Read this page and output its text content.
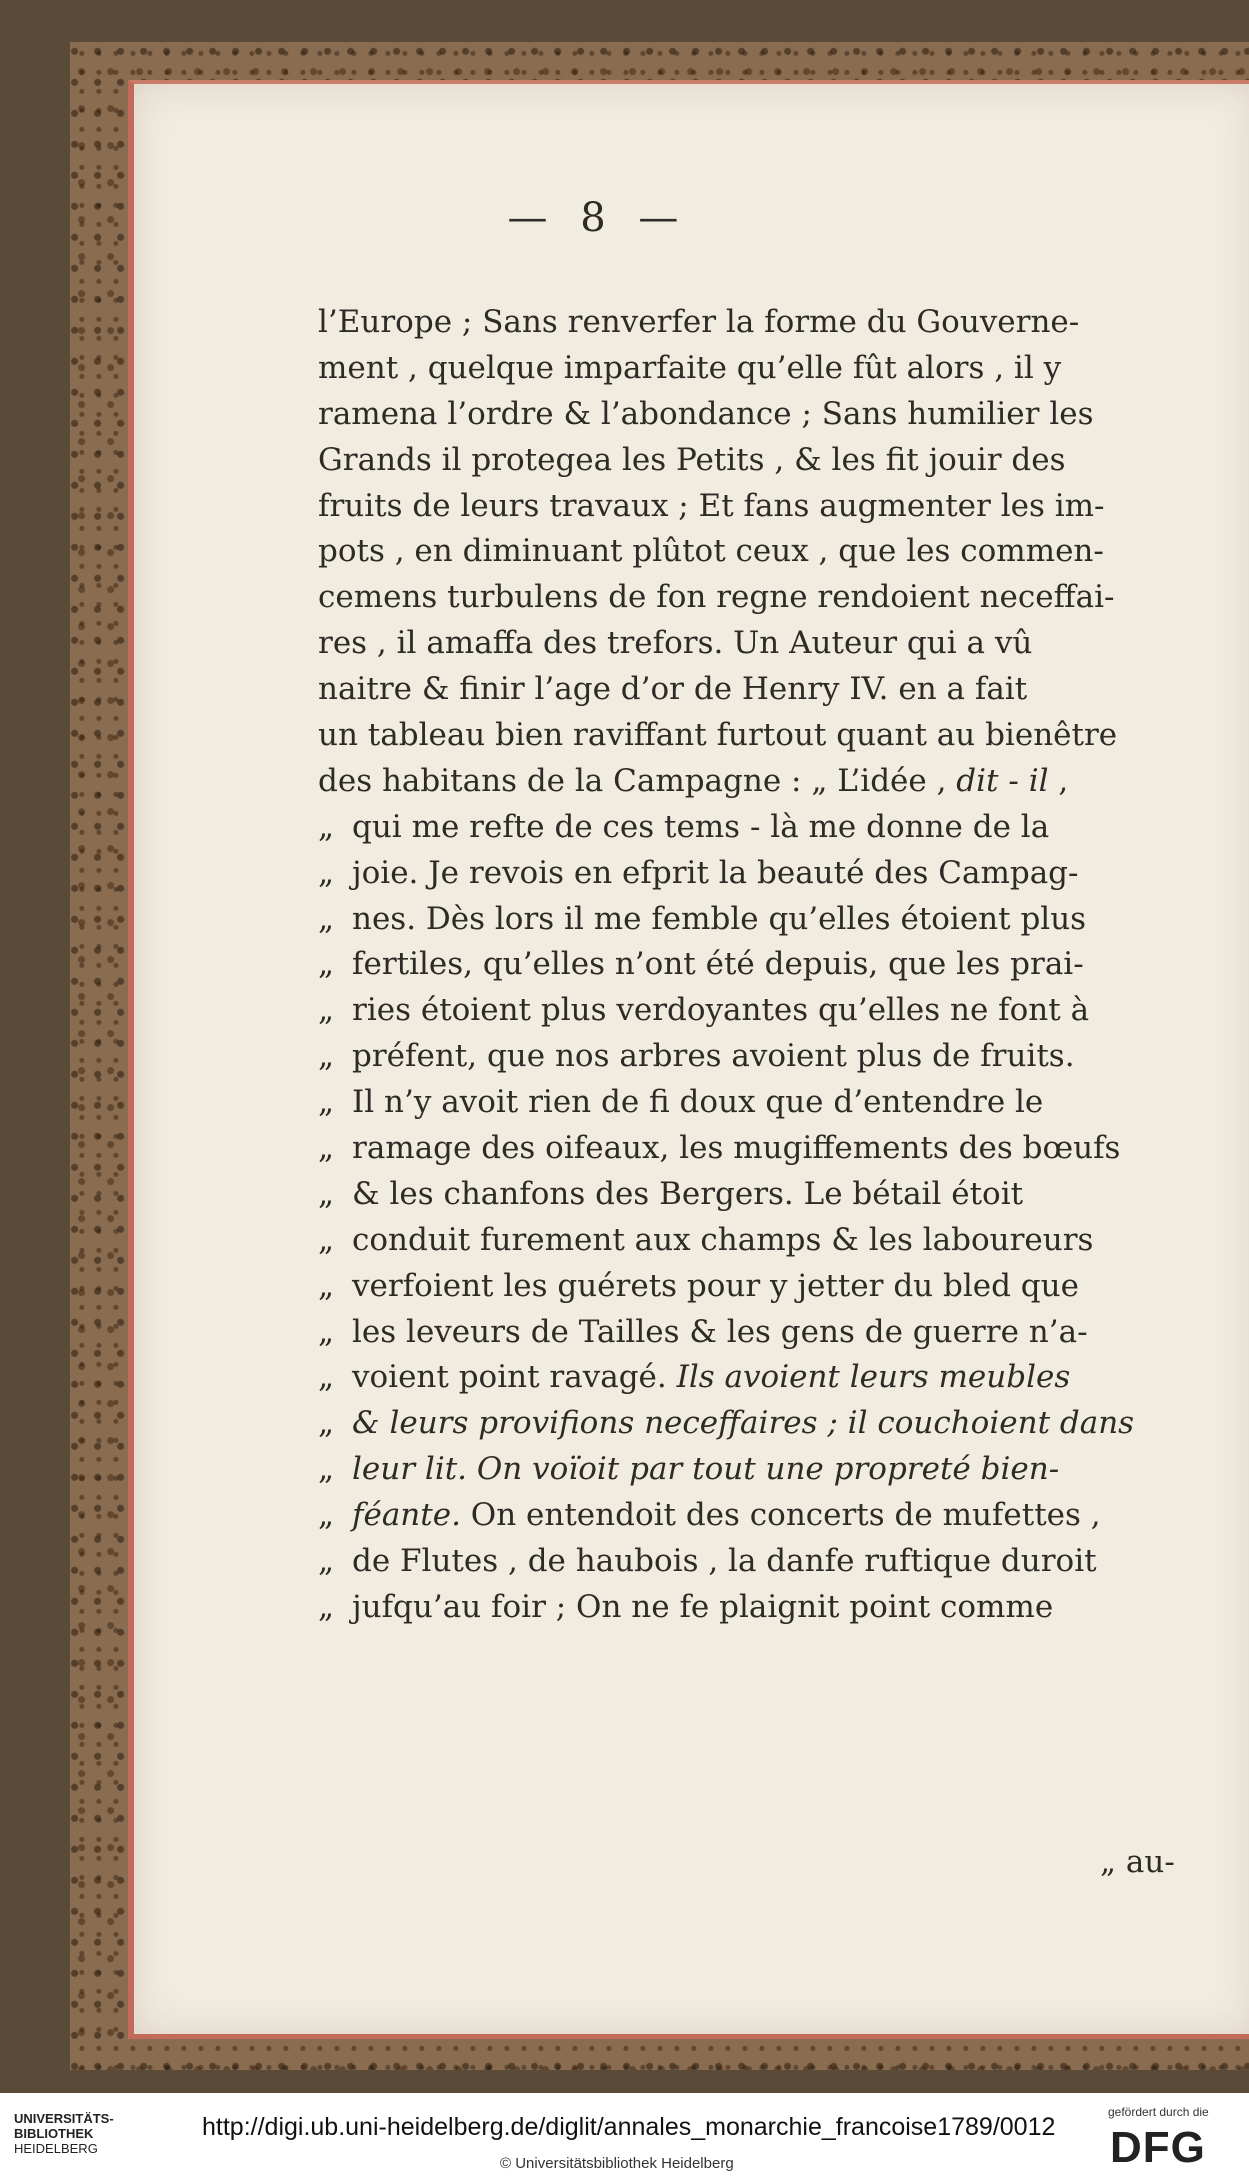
— 8 —
l’Europe ; Sans renverfer la forme du Gouverne-
ment , quelque imparfaite qu’elle fût alors , il y
ramena l’ordre & l’abondance ; Sans humilier les
Grands il protegea les Petits , & les fit jouir des
fruits de leurs travaux ; Et fans augmenter les im-
pots , en diminuant plûtot ceux , que les commen-
cemens turbulens de fon regne rendoient neceffai-
res , il amaffa des trefors. Un Auteur qui a vû
naitre & finir l’age d’or de Henry IV. en a fait
un tableau bien raviffant furtout quant au bienêtre
des habitans de la Campagne : „ L’idée , dit - il ,
„ qui me refte de ces tems - là me donne de la
„ joie. Je revois en efprit la beauté des Campag-
„ nes. Dès lors il me femble qu’elles étoient plus
„ fertiles, qu’elles n’ont été depuis, que les prai-
„ ries étoient plus verdoyantes qu’elles ne font à
„ préfent, que nos arbres avoient plus de fruits.
„ Il n’y avoit rien de fi doux que d’entendre le
„ ramage des oifeaux, les mugiffements des bœufs
„ & les chanfons des Bergers. Le bétail étoit
„ conduit furement aux champs & les laboureurs
„ verfoient les guérets pour y jetter du bled que
„ les leveurs de Tailles & les gens de guerre n’a-
„ voient point ravagé. Ils avoient leurs meubles
„ & leurs provifions neceffaires ; il couchoient dans
„ leur lit. On voïoit par tout une propreté bien-
„ féante. On entendoit des concerts de mufettes ,
„ de Flutes , de haubois , la danfe ruftique duroit
„ jufqu’au foir ; On ne fe plaignit point comme
„ au-
UNIVERSITÄTS-
BIBLIOTHEK
HEIDELBERG
http://digi.ub.uni-heidelberg.de/diglit/annales_monarchie_francoise1789/0012
© Universitätsbibliothek Heidelberg
gefördert durch die
DFG
